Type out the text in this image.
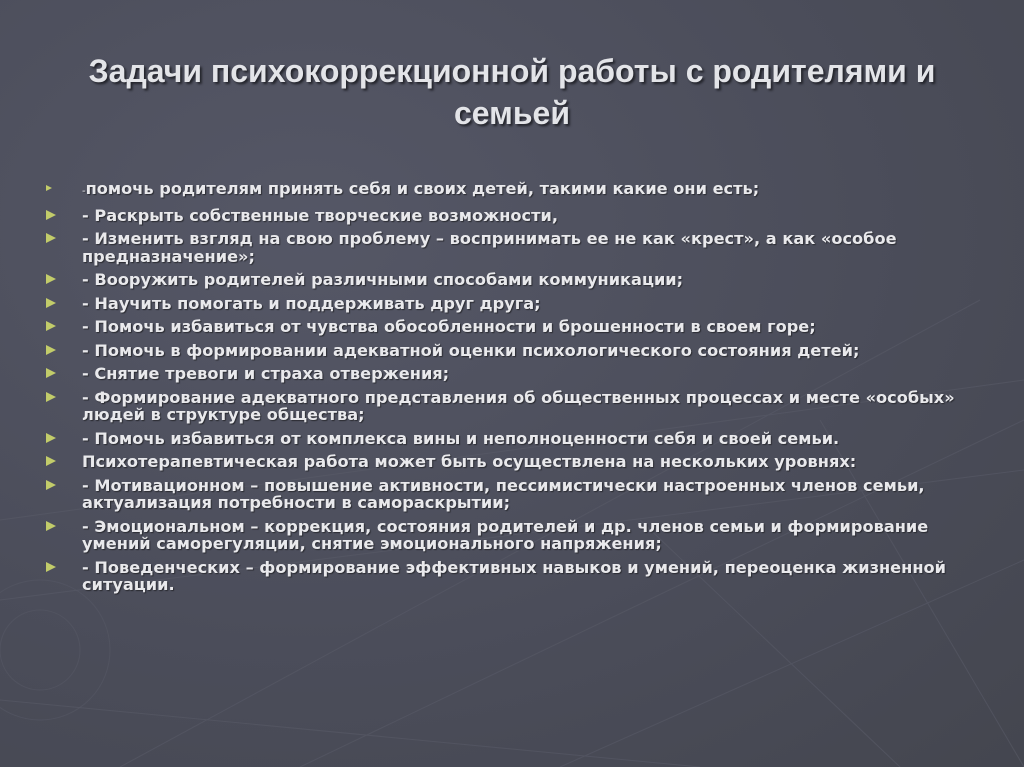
Задачи психокоррекционной работы с родителями и
семьей
-помочь родителям принять себя и своих детей, такими какие они есть;
- Раскрыть собственные творческие возможности,
- Изменить взгляд на свою проблему – воспринимать ее не как «крест», а как «особое предназначение»;
- Вооружить родителей различными способами коммуникации;
- Научить помогать и поддерживать друг друга;
- Помочь избавиться от чувства обособленности и брошенности в своем горе;
- Помочь в формировании адекватной оценки психологического состояния детей;
- Снятие тревоги и страха отвержения;
- Формирование адекватного представления об общественных процессах и месте «особых» людей в структуре общества;
- Помочь избавиться от комплекса вины и неполноценности себя и своей семьи.
Психотерапевтическая работа может быть осуществлена на нескольких уровнях:
- Мотивационном – повышение активности, пессимистически настроенных членов семьи, актуализация потребности в самораскрытии;
- Эмоциональном – коррекция, состояния родителей и др. членов семьи и формирование умений саморегуляции, снятие эмоционального напряжения;
- Поведенческих – формирование эффективных навыков и умений, переоценка жизненной ситуации.
